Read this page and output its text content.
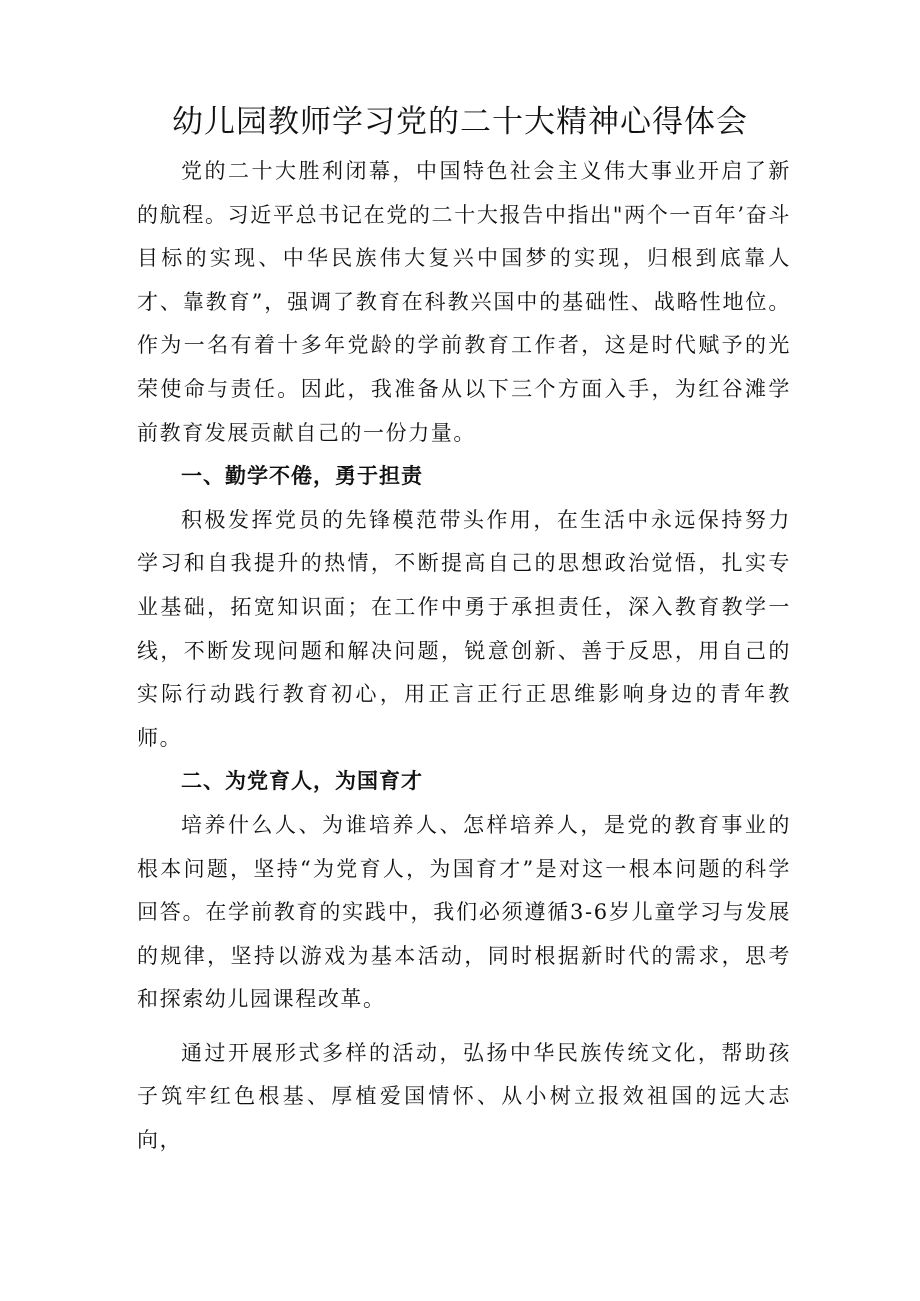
幼儿园教师学习党的二十大精神心得体会

党的二十大胜利闭幕，中国特色社会主义伟大事业开启了新的航程。习近平总书记在党的二十大报告中指出"两个一百年’奋斗目标的实现、中华民族伟大复兴中国梦的实现，归根到底靠人才、靠教育”，强调了教育在科教兴国中的基础性、战略性地位。作为一名有着十多年党龄的学前教育工作者，这是时代赋予的光荣使命与责任。因此，我准备从以下三个方面入手，为红谷滩学前教育发展贡献自己的一份力量。

一、勤学不倦，勇于担责

积极发挥党员的先锋模范带头作用，在生活中永远保持努力学习和自我提升的热情，不断提高自己的思想政治觉悟，扎实专业基础，拓宽知识面；在工作中勇于承担责任，深入教育教学一线，不断发现问题和解决问题，锐意创新、善于反思，用自己的实际行动践行教育初心，用正言正行正思维影响身边的青年教师。

二、为党育人，为国育才

培养什么人、为谁培养人、怎样培养人，是党的教育事业的根本问题，坚持“为党育人，为国育才”是对这一根本问题的科学回答。在学前教育的实践中，我们必须遵循3-6岁儿童学习与发展的规律，坚持以游戏为基本活动，同时根据新时代的需求，思考和探索幼儿园课程改革。

通过开展形式多样的活动，弘扬中华民族传统文化，帮助孩子筑牢红色根基、厚植爱国情怀、从小树立报效祖国的远大志向，
